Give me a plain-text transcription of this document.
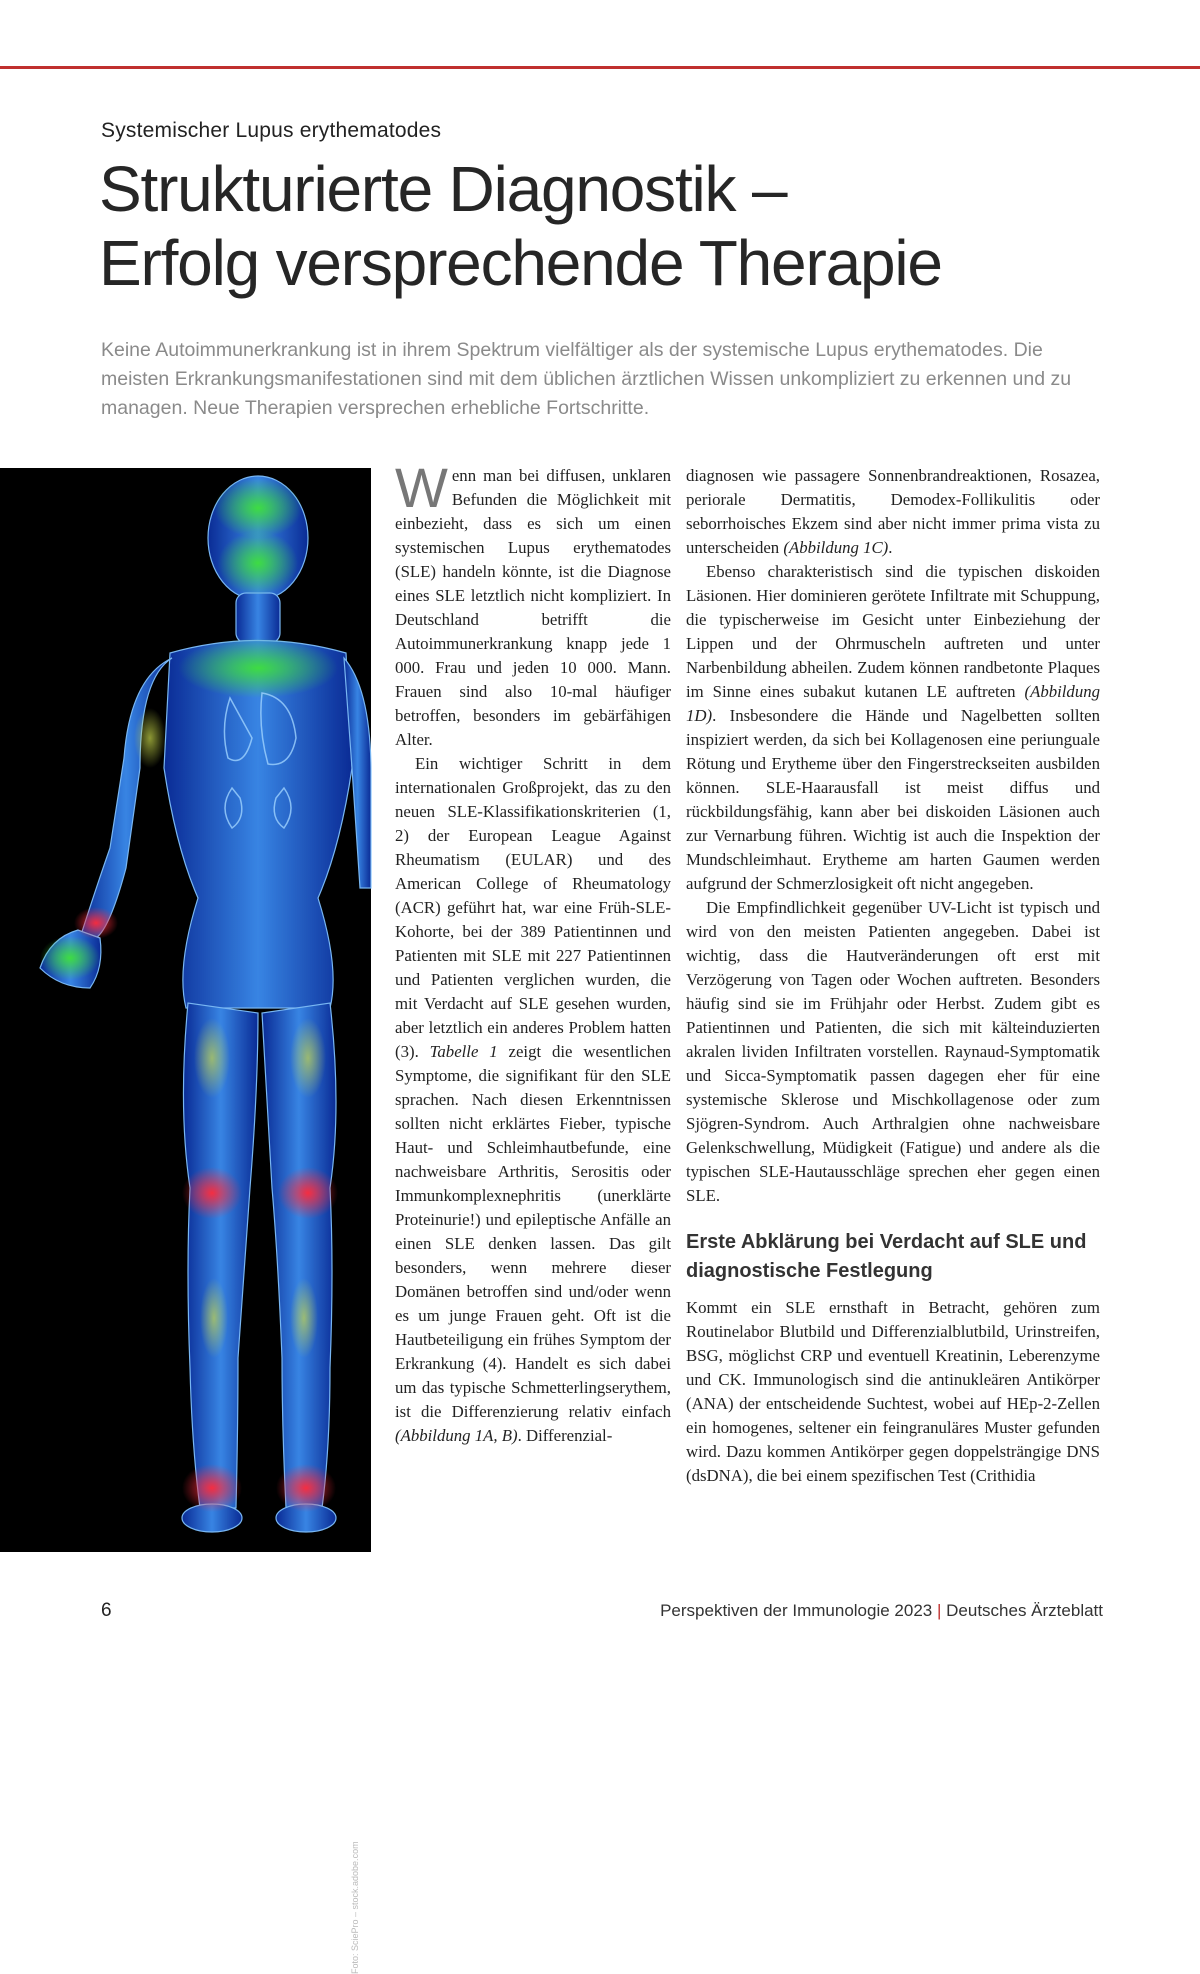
Systemischer Lupus erythematodes
Strukturierte Diagnostik –
Erfolg versprechende Therapie

Keine Autoimmunerkrankung ist in ihrem Spektrum vielfältiger als der systemische Lupus erythematodes. Die meisten Erkrankungsmanifestationen sind mit dem üblichen ärztlichen Wissen unkompliziert zu erkennen und zu managen. Neue Therapien versprechen erhebliche Fortschritte.

Foto: SciePro – stock.adobe.com

Wenn man bei diffusen, unklaren Befunden die Möglichkeit mit einbezieht, dass es sich um einen systemischen Lupus erythematodes (SLE) handeln könnte, ist die Diagnose eines SLE letztlich nicht kompliziert. In Deutschland betrifft die Autoimmunerkrankung knapp jede 1 000. Frau und jeden 10 000. Mann. Frauen sind also 10-mal häufiger betroffen, besonders im gebärfähigen Alter.

Ein wichtiger Schritt in dem internationalen Großprojekt, das zu den neuen SLE-Klassifikationskriterien (1, 2) der European League Against Rheumatism (EULAR) und des American College of Rheumatology (ACR) geführt hat, war eine Früh-SLE-Kohorte, bei der 389 Patientinnen und Patienten mit SLE mit 227 Patientinnen und Patienten verglichen wurden, die mit Verdacht auf SLE gesehen wurden, aber letztlich ein anderes Problem hatten (3). Tabelle 1 zeigt die wesentlichen Symptome, die signifikant für den SLE sprachen. Nach diesen Erkenntnissen sollten nicht erklärtes Fieber, typische Haut- und Schleimhautbefunde, eine nachweisbare Arthritis, Serositis oder Immunkomplexnephritis (unerklärte Proteinurie!) und epileptische Anfälle an einen SLE denken lassen. Das gilt besonders, wenn mehrere dieser Domänen betroffen sind und/oder wenn es um junge Frauen geht. Oft ist die Hautbeteiligung ein frühes Symptom der Erkrankung (4). Handelt es sich dabei um das typische Schmetterlingserythem, ist die Differenzierung relativ einfach (Abbildung 1A, B). Differenzial-

diagnosen wie passagere Sonnenbrandreaktionen, Rosazea, periorale Dermatitis, Demodex-Follikulitis oder seborrhoisches Ekzem sind aber nicht immer prima vista zu unterscheiden (Abbildung 1C).

Ebenso charakteristisch sind die typischen diskoiden Läsionen. Hier dominieren gerötete Infiltrate mit Schuppung, die typischerweise im Gesicht unter Einbeziehung der Lippen und der Ohrmuscheln auftreten und unter Narbenbildung abheilen. Zudem können randbetonte Plaques im Sinne eines subakut kutanen LE auftreten (Abbildung 1D). Insbesondere die Hände und Nagelbetten sollten inspiziert werden, da sich bei Kollagenosen eine periunguale Rötung und Erytheme über den Fingerstreckseiten ausbilden können. SLE-Haarausfall ist meist diffus und rückbildungsfähig, kann aber bei diskoiden Läsionen auch zur Vernarbung führen. Wichtig ist auch die Inspektion der Mundschleimhaut. Erytheme am harten Gaumen werden aufgrund der Schmerzlosigkeit oft nicht angegeben.

Die Empfindlichkeit gegenüber UV-Licht ist typisch und wird von den meisten Patienten angegeben. Dabei ist wichtig, dass die Hautveränderungen oft erst mit Verzögerung von Tagen oder Wochen auftreten. Besonders häufig sind sie im Frühjahr oder Herbst. Zudem gibt es Patientinnen und Patienten, die sich mit kälteinduzierten akralen lividen Infiltraten vorstellen. Raynaud-Symptomatik und Sicca-Symptomatik passen dagegen eher für eine systemische Sklerose und Mischkollagenose oder zum Sjögren-Syndrom. Auch Arthralgien ohne nachweisbare Gelenkschwellung, Müdigkeit (Fatigue) und andere als die typischen SLE-Hautausschläge sprechen eher gegen einen SLE.

Erste Abklärung bei Verdacht auf SLE und diagnostische Festlegung

Kommt ein SLE ernsthaft in Betracht, gehören zum Routinelabor Blutbild und Differenzialblutbild, Urinstreifen, BSG, möglichst CRP und eventuell Kreatinin, Leberenzyme und CK. Immunologisch sind die antinukleären Antikörper (ANA) der entscheidende Suchtest, wobei auf HEp-2-Zellen ein homogenes, seltener ein feingranuläres Muster gefunden wird. Dazu kommen Antikörper gegen doppelsträngige DNS (dsDNA), die bei einem spezifischen Test (Crithidia

6	Perspektiven der Immunologie 2023 | Deutsches Ärzteblatt
